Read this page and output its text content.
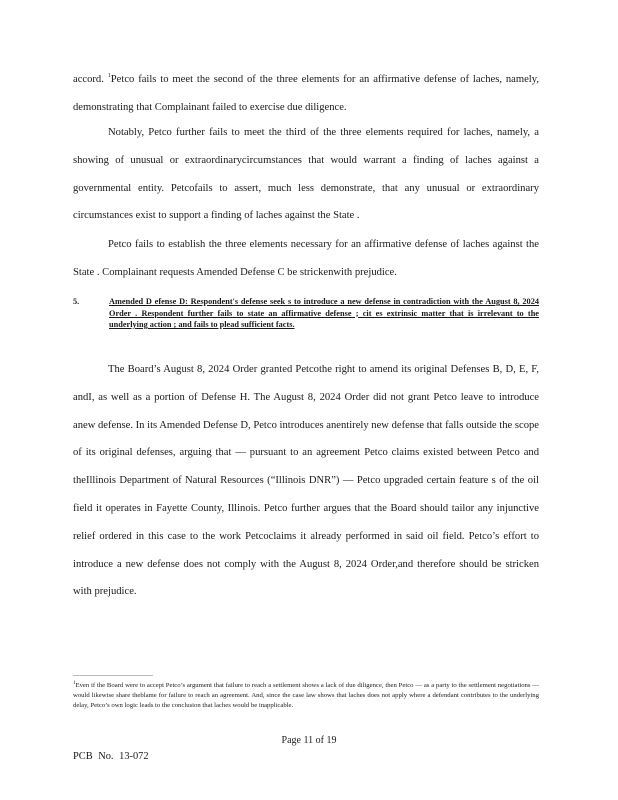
accord. $^1$Petco fails to meet the second of the three elements for an affirmative defense of laches, namely, demonstrating that Complainant failed to exercise due diligence.

Notably, Petco further fails to meet the third of the three elements required for laches, namely, a showing of unusual or extraordinarycircumstances that would warrant a finding of laches against a governmental entity. Petcofails to assert, much less demonstrate, that any unusual or extraordinary circumstances exist to support a finding of laches against the State .

Petco fails to establish the three elements necessary for an affirmative defense of laches against the State . Complainant requests Amended Defense C be strickenwith prejudice.

5.	Amended D efense D: Respondent's defense seek s to introduce a new defense in contradiction with the August 8, 2024 Order . Respondent further fails to state an affirmative defense ; cit es extrinsic matter that is irrelevant to the underlying action ; and fails to plead sufficient facts.

The Board’s August 8, 2024 Order granted Petcothe right to amend its original Defenses B, D, E, F, andI, as well as a portion of Defense H. The August 8, 2024 Order did not grant Petco leave to introduce anew defense. In its Amended Defense D, Petco introduces anentirely new defense that falls outside the scope of its original defenses, arguing that — pursuant to an agreement Petco claims existed between Petco and theIllinois Department of Natural Resources (“Illinois DNR”) — Petco upgraded certain feature s of the oil field it operates in Fayette County, Illinois. Petco further argues that the Board should tailor any injunctive relief ordered in this case to the work Petcoclaims it already performed in said oil field. Petco’s effort to introduce a new defense does not comply with the August 8, 2024 Order,and therefore should be stricken with prejudice.

$^1$Even if the Board were to accept Petco’s argument that failure to reach a settlement shows a lack of due diligence, then Petco — as a party to the settlement negotiations — would likewise share theblame for failure to reach an agreement. And, since the case law shows that laches does not apply where a defendant contributes to the underlying delay, Petco’s own logic leads to the conclusion that laches would be inapplicable.

Page 11 of 19
PCB No. 13-072
